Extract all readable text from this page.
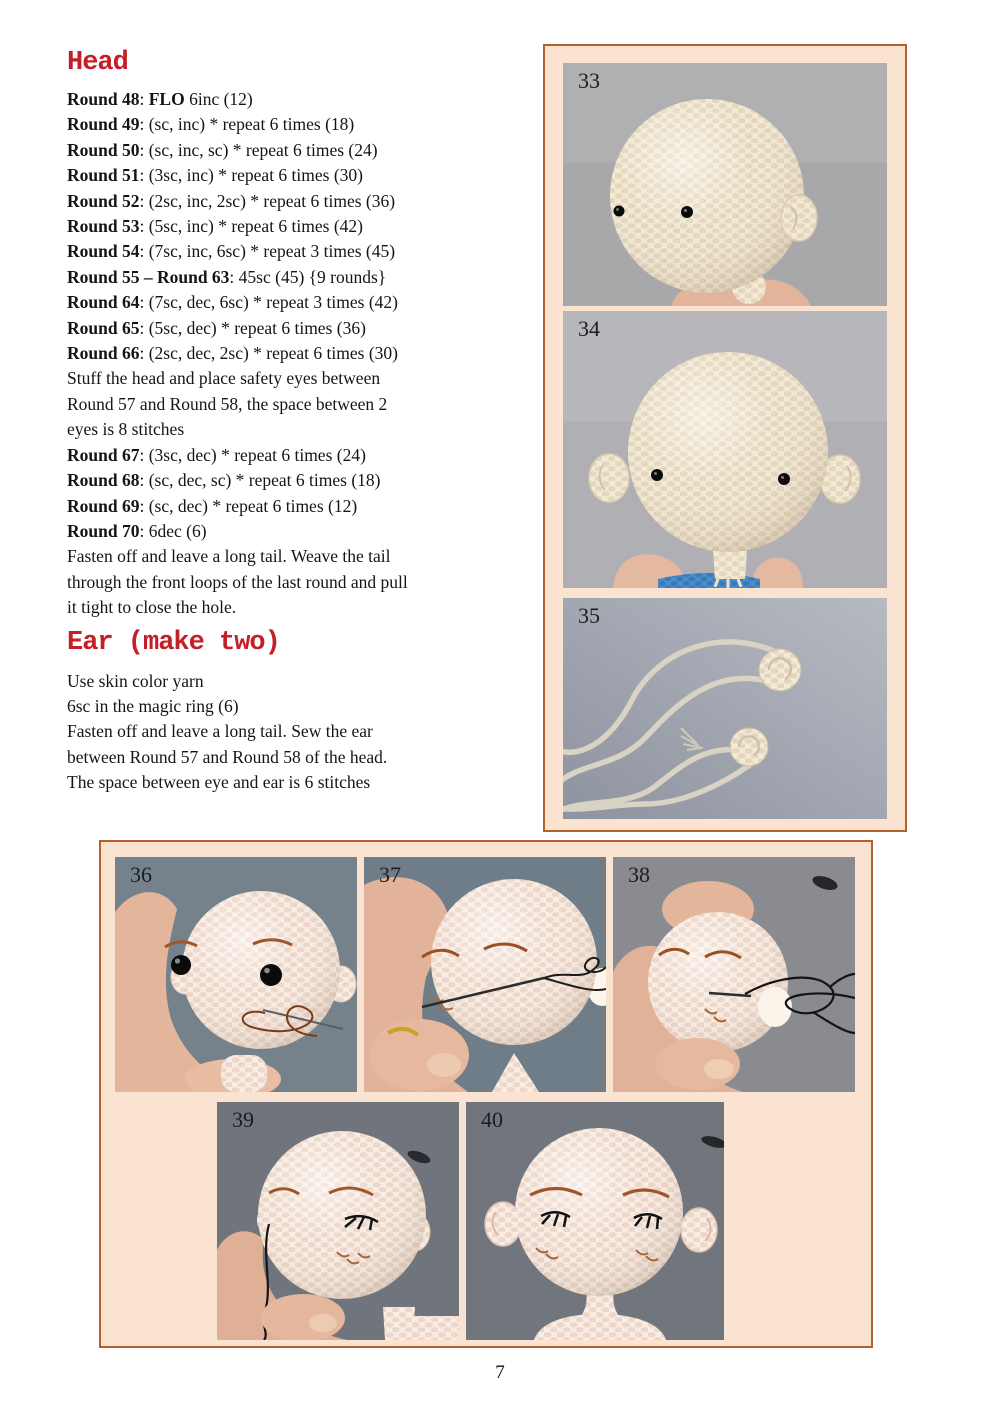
Head
Round 48: FLO 6inc (12)
Round 49: (sc, inc) * repeat 6 times (18)
Round 50: (sc, inc, sc) * repeat 6 times (24)
Round 51: (3sc, inc) * repeat 6 times (30)
Round 52: (2sc, inc, 2sc) * repeat 6 times (36)
Round 53: (5sc, inc) * repeat 6 times (42)
Round 54: (7sc, inc, 6sc) * repeat 3 times (45)
Round 55 – Round 63: 45sc (45) {9 rounds}
Round 64: (7sc, dec, 6sc) * repeat 3 times (42)
Round 65: (5sc, dec) * repeat 6 times (36)
Round 66: (2sc, dec, 2sc) * repeat 6 times (30)
Stuff the head and place safety eyes between
Round 57 and Round 58, the space between 2
eyes is 8 stitches
Round 67: (3sc, dec) * repeat 6 times (24)
Round 68: (sc, dec, sc) * repeat 6 times (18)
Round 69: (sc, dec) * repeat 6 times (12)
Round 70: 6dec (6)
Fasten off and leave a long tail. Weave the tail
through the front loops of the last round and pull
it tight to close the hole.
Ear (make two)
Use skin color yarn
6sc in the magic ring (6)
Fasten off and leave a long tail. Sew the ear
between Round 57 and Round 58 of the head.
The space between eye and ear is 6 stitches
33
34
35
36	37	38
39	40
7
